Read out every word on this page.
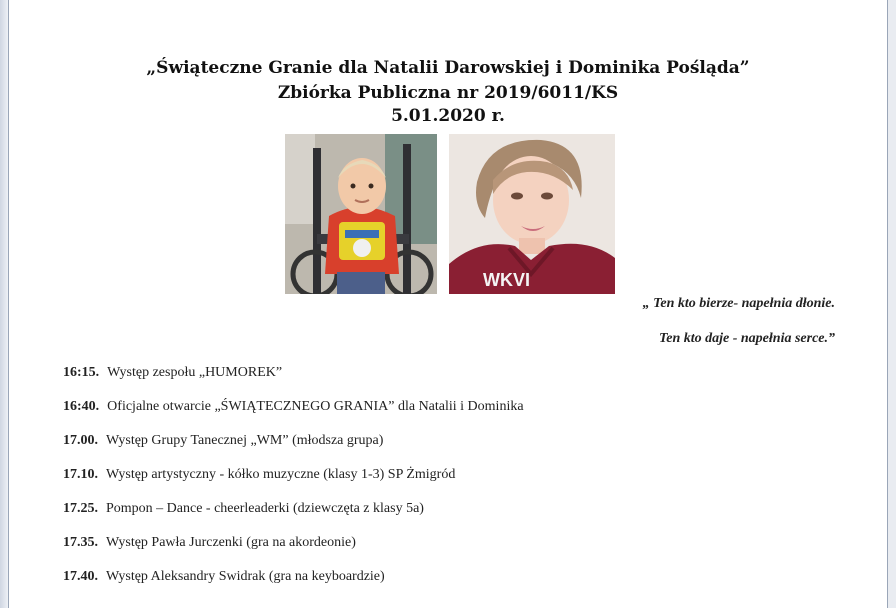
„Świąteczne Granie dla Natalii Darowskiej i Dominika Pośląda”

Zbiórka Publiczna nr 2019/6011/KS

5.01.2020 r.

WKVI
„ Ten kto bierze- napełnia dłonie.
Ten kto daje - napełnia serce.”
16:15. Występ zespołu „HUMOREK”
16:40. Oficjalne otwarcie „ŚWIĄTECZNEGO GRANIA” dla Natalii i Dominika
17.00. Występ Grupy Tanecznej „WM” (młodsza grupa)
17.10. Występ artystyczny - kółko muzyczne (klasy 1-3) SP Żmigród
17.25. Pompon – Dance - cheerleaderki (dziewczęta z klasy 5a)
17.35. Występ Pawła Jurczenki (gra na akordeonie)
17.40. Występ Aleksandry Swidrak (gra na keyboardzie)
